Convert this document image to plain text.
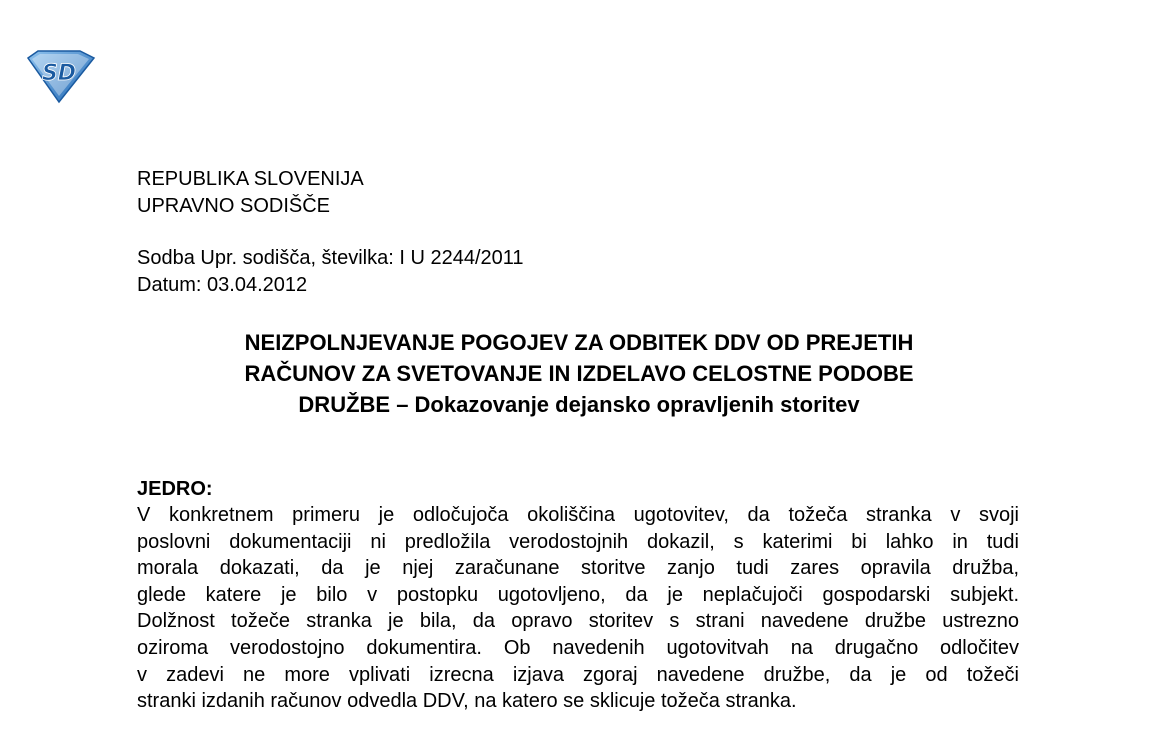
SD
REPUBLIKA SLOVENIJA
UPRAVNO SODIŠČE
Sodba Upr. sodišča, številka: I U 2244/2011
Datum: 03.04.2012
NEIZPOLNJEVANJE POGOJEV ZA ODBITEK DDV OD PREJETIH
RAČUNOV ZA SVETOVANJE IN IZDELAVO CELOSTNE PODOBE
DRUŽBE – Dokazovanje dejansko opravljenih storitev
JEDRO:
V konkretnem primeru je odločujoča okoliščina ugotovitev, da tožeča stranka v svoji
poslovni dokumentaciji ni predložila verodostojnih dokazil, s katerimi bi lahko in tudi
morala dokazati, da je njej zaračunane storitve zanjo tudi zares opravila družba,
glede katere je bilo v postopku ugotovljeno, da je neplačujoči gospodarski subjekt.
Dolžnost tožeče stranka je bila, da opravo storitev s strani navedene družbe ustrezno
oziroma verodostojno dokumentira. Ob navedenih ugotovitvah na drugačno odločitev
v zadevi ne more vplivati izrecna izjava zgoraj navedene družbe, da je od tožeči
stranki izdanih računov odvedla DDV, na katero se sklicuje tožeča stranka.
